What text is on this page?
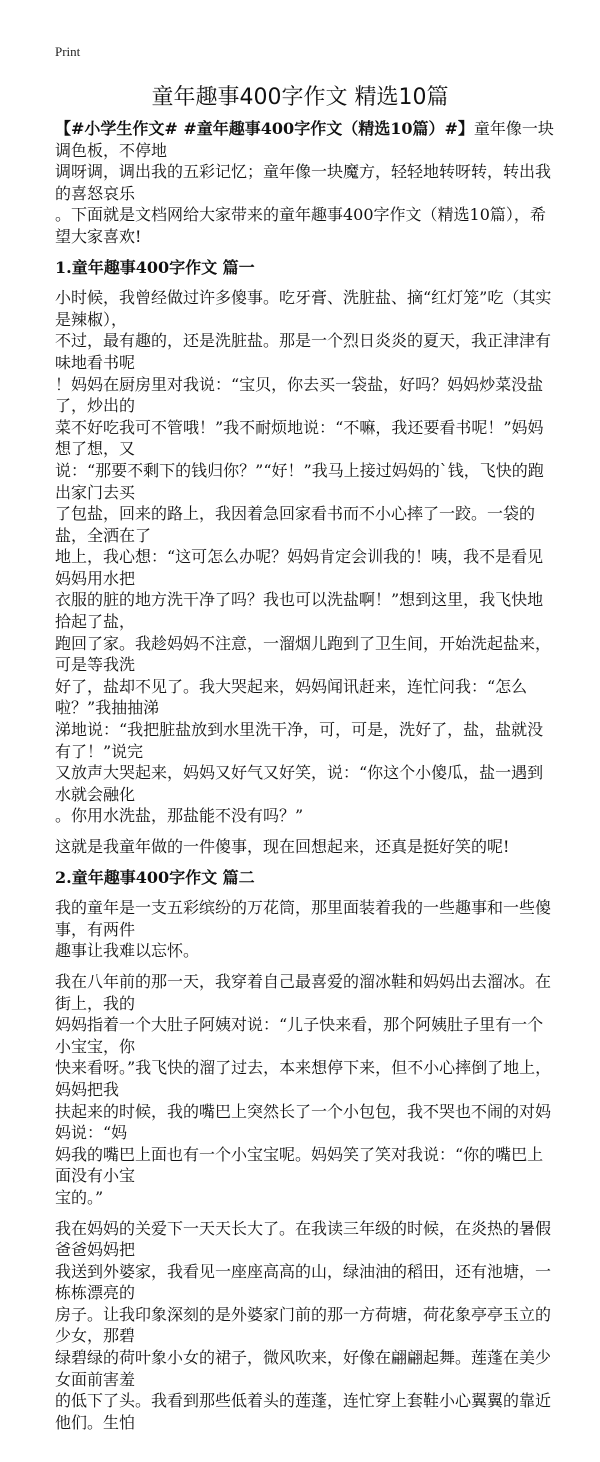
Print
童年趣事400字作文 精选10篇
【#小学生作文# #童年趣事400字作文（精选10篇）#】童年像一块调色板，不停地
调呀调，调出我的五彩记忆；童年像一块魔方，轻轻地转呀转，转出我的喜怒哀乐
。下面就是文档网给大家带来的童年趣事400字作文（精选10篇），希望大家喜欢!
1.童年趣事400字作文 篇一
小时候，我曾经做过许多傻事。吃牙膏、洗脏盐、摘“红灯笼”吃（其实是辣椒），
不过，最有趣的，还是洗脏盐。那是一个烈日炎炎的夏天，我正津津有味地看书呢
！妈妈在厨房里对我说：“宝贝，你去买一袋盐，好吗？妈妈炒菜没盐了，炒出的
菜不好吃我可不管哦！”我不耐烦地说：“不嘛，我还要看书呢！”妈妈想了想，又
说：“那要不剩下的钱归你？”“好！”我马上接过妈妈的`钱，飞快的跑出家门去买
了包盐，回来的路上，我因着急回家看书而不小心摔了一跤。一袋的盐，全洒在了
地上，我心想：“这可怎么办呢？妈妈肯定会训我的！咦，我不是看见妈妈用水把
衣服的脏的地方洗干净了吗？我也可以洗盐啊！”想到这里，我飞快地拾起了盐，
跑回了家。我趁妈妈不注意，一溜烟儿跑到了卫生间，开始洗起盐来，可是等我洗
好了，盐却不见了。我大哭起来，妈妈闻讯赶来，连忙问我：“怎么啦？”我抽抽涕
涕地说：“我把脏盐放到水里洗干净，可，可是，洗好了，盐，盐就没有了！”说完
又放声大哭起来，妈妈又好气又好笑，说：“你这个小傻瓜，盐一遇到水就会融化
。你用水洗盐，那盐能不没有吗？”
这就是我童年做的一件傻事，现在回想起来，还真是挺好笑的呢!
2.童年趣事400字作文 篇二
我的童年是一支五彩缤纷的万花筒，那里面装着我的一些趣事和一些傻事，有两件
趣事让我难以忘怀。
我在八年前的那一天，我穿着自己最喜爱的溜冰鞋和妈妈出去溜冰。在街上，我的
妈妈指着一个大肚子阿姨对说：“儿子快来看，那个阿姨肚子里有一个小宝宝，你
快来看呀。”我飞快的溜了过去，本来想停下来，但不小心摔倒了地上，妈妈把我
扶起来的时候，我的嘴巴上突然长了一个小包包，我不哭也不闹的对妈妈说：“妈
妈我的嘴巴上面也有一个小宝宝呢。妈妈笑了笑对我说：“你的嘴巴上面没有小宝
宝的。”
我在妈妈的关爱下一天天长大了。在我读三年级的时候，在炎热的暑假爸爸妈妈把
我送到外婆家，我看见一座座高高的山，绿油油的稻田，还有池塘，一栋栋漂亮的
房子。让我印象深刻的是外婆家门前的那一方荷塘，荷花象亭亭玉立的少女，那碧
绿碧绿的荷叶象小女的裙子，微风吹来，好像在翩翩起舞。莲蓬在美少女面前害羞
的低下了头。我看到那些低着头的莲蓬，连忙穿上套鞋小心翼翼的靠近他们。生怕
